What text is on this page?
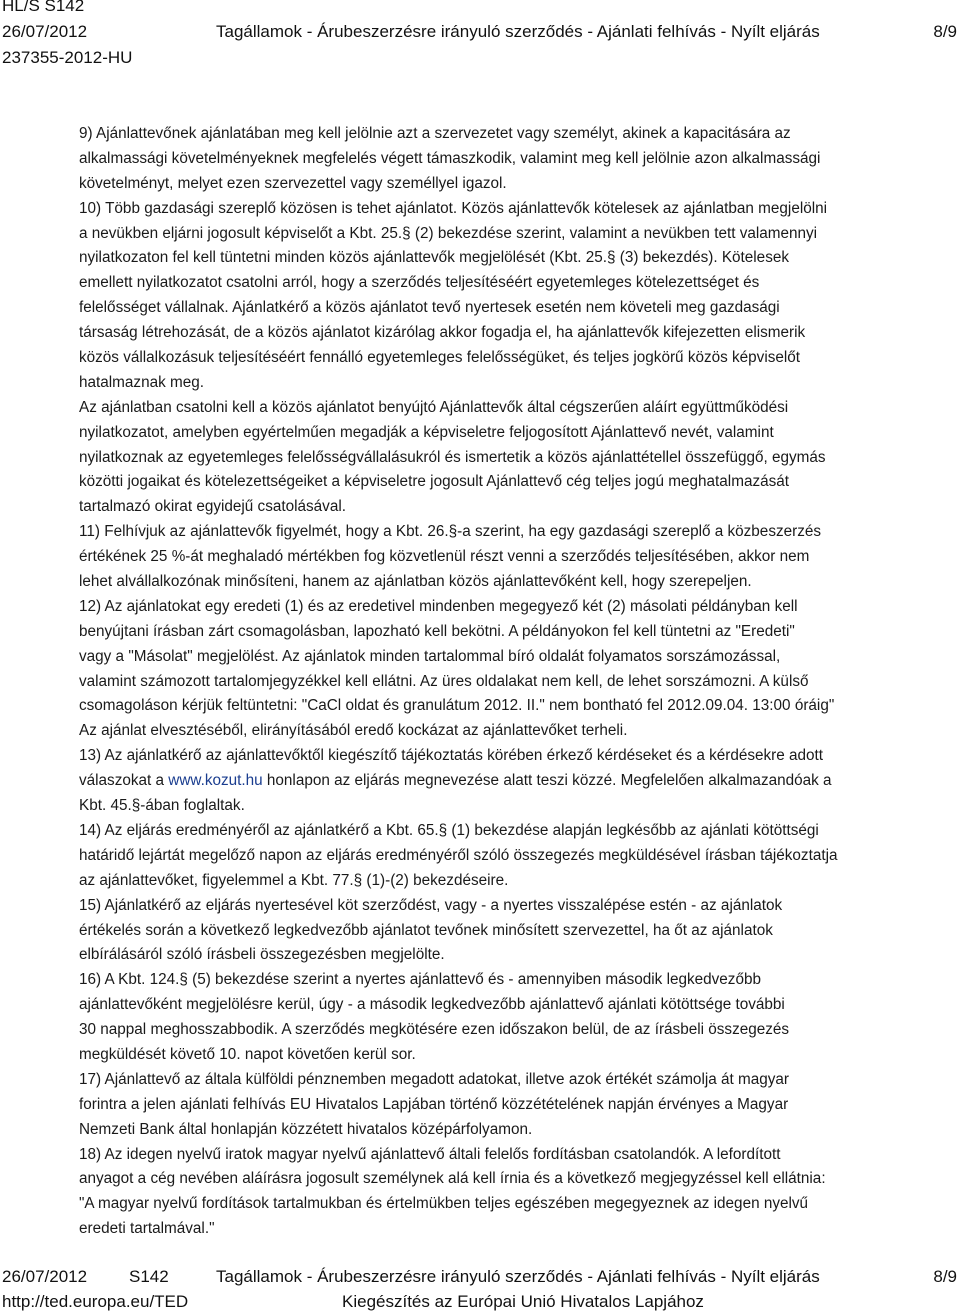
HL/S S142
26/07/2012	Tagállamok - Árubeszerzésre irányuló szerződés - Ajánlati felhívás - Nyílt eljárás	8/9
237355-2012-HU
9) Ajánlattevőnek ajánlatában meg kell jelölnie azt a szervezetet vagy személyt, akinek a kapacitására az
alkalmassági követelményeknek megfelelés végett támaszkodik, valamint meg kell jelölnie azon alkalmassági
követelményt, melyet ezen szervezettel vagy személlyel igazol.
10) Több gazdasági szereplő közösen is tehet ajánlatot. Közös ajánlattevők kötelesek az ajánlatban megjelölni
a nevükben eljárni jogosult képviselőt a Kbt. 25.§ (2) bekezdése szerint, valamint a nevükben tett valamennyi
nyilatkozaton fel kell tüntetni minden közös ajánlattevők megjelölését (Kbt. 25.§ (3) bekezdés). Kötelesek
emellett nyilatkozatot csatolni arról, hogy a szerződés teljesítéséért egyetemleges kötelezettséget és
felelősséget vállalnak. Ajánlatkérő a közös ajánlatot tevő nyertesek esetén nem követeli meg gazdasági
társaság létrehozását, de a közös ajánlatot kizárólag akkor fogadja el, ha ajánlattevők kifejezetten elismerik
közös vállalkozásuk teljesítéséért fennálló egyetemleges felelősségüket, és teljes jogkörű közös képviselőt
hatalmaznak meg.
Az ajánlatban csatolni kell a közös ajánlatot benyújtó Ajánlattevők által cégszerűen aláírt együttműködési
nyilatkozatot, amelyben egyértelműen megadják a képviseletre feljogosított Ajánlattevő nevét, valamint
nyilatkoznak az egyetemleges felelősségvállalásukról és ismertetik a közös ajánlattétellel összefüggő, egymás
közötti jogaikat és kötelezettségeiket a képviseletre jogosult Ajánlattevő cég teljes jogú meghatalmazását
tartalmazó okirat egyidejű csatolásával.
11) Felhívjuk az ajánlattevők figyelmét, hogy a Kbt. 26.§-a szerint, ha egy gazdasági szereplő a közbeszerzés
értékének 25 %-át meghaladó mértékben fog közvetlenül részt venni a szerződés teljesítésében, akkor nem
lehet alvállalkozónak minősíteni, hanem az ajánlatban közös ajánlattevőként kell, hogy szerepeljen.
12) Az ajánlatokat egy eredeti (1) és az eredetivel mindenben megegyező két (2) másolati példányban kell
benyújtani írásban zárt csomagolásban, lapozható kell bekötni. A példányokon fel kell tüntetni az "Eredeti"
vagy a "Másolat" megjelölést. Az ajánlatok minden tartalommal bíró oldalát folyamatos sorszámozással,
valamint számozott tartalomjegyzékkel kell ellátni. Az üres oldalakat nem kell, de lehet sorszámozni. A külső
csomagoláson kérjük feltüntetni: "CaCl oldat és granulátum 2012. II." nem bontható fel 2012.09.04. 13:00 óráig"
Az ajánlat elvesztéséből, elirányításából eredő kockázat az ajánlattevőket terheli.
13) Az ajánlatkérő az ajánlattevőktől kiegészítő tájékoztatás körében érkező kérdéseket és a kérdésekre adott
válaszokat a www.kozut.hu honlapon az eljárás megnevezése alatt teszi közzé. Megfelelően alkalmazandóak a
Kbt. 45.§-ában foglaltak.
14) Az eljárás eredményéről az ajánlatkérő a Kbt. 65.§ (1) bekezdése alapján legkésőbb az ajánlati kötöttségi
határidő lejártát megelőző napon az eljárás eredményéről szóló összegezés megküldésével írásban tájékoztatja
az ajánlattevőket, figyelemmel a Kbt. 77.§ (1)-(2) bekezdéseire.
15) Ajánlatkérő az eljárás nyertesével köt szerződést, vagy - a nyertes visszalépése estén - az ajánlatok
értékelés során a következő legkedvezőbb ajánlatot tevőnek minősített szervezettel, ha őt az ajánlatok
elbírálásáról szóló írásbeli összegezésben megjelölte.
16) A Kbt. 124.§ (5) bekezdése szerint a nyertes ajánlattevő és - amennyiben második legkedvezőbb
ajánlattevőként megjelölésre kerül, úgy - a második legkedvezőbb ajánlattevő ajánlati kötöttsége további
30 nappal meghosszabbodik. A szerződés megkötésére ezen időszakon belül, de az írásbeli összegezés
megküldését követő 10. napot követően kerül sor.
17) Ajánlattevő az általa külföldi pénznemben megadott adatokat, illetve azok értékét számolja át magyar
forintra a jelen ajánlati felhívás EU Hivatalos Lapjában történő közzétételének napján érvényes a Magyar
Nemzeti Bank által honlapján közzétett hivatalos középárfolyamon.
18) Az idegen nyelvű iratok magyar nyelvű ajánlattevő általi felelős fordításban csatolandók. A lefordított
anyagot a cég nevében aláírásra jogosult személynek alá kell írnia és a következő megjegyzéssel kell ellátnia:
"A magyar nyelvű fordítások tartalmukban és értelmükben teljes egészében megegyeznek az idegen nyelvű
eredeti tartalmával."
26/07/2012 S142	Tagállamok - Árubeszerzésre irányuló szerződés - Ajánlati felhívás - Nyílt eljárás	8/9
http://ted.europa.eu/TED	Kiegészítés az Európai Unió Hivatalos Lapjához
